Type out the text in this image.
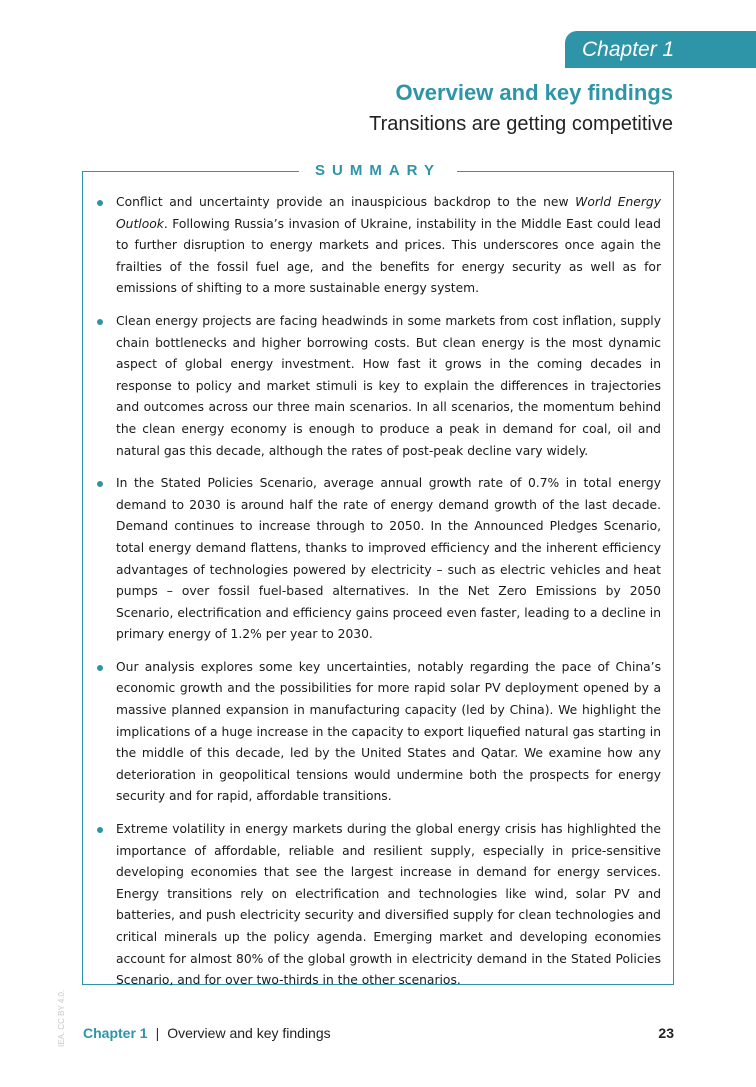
Chapter 1
Overview and key findings
Transitions are getting competitive
SUMMARY
Conflict and uncertainty provide an inauspicious backdrop to the new World Energy Outlook. Following Russia’s invasion of Ukraine, instability in the Middle East could lead to further disruption to energy markets and prices. This underscores once again the frailties of the fossil fuel age, and the benefits for energy security as well as for emissions of shifting to a more sustainable energy system.
Clean energy projects are facing headwinds in some markets from cost inflation, supply chain bottlenecks and higher borrowing costs. But clean energy is the most dynamic aspect of global energy investment. How fast it grows in the coming decades in response to policy and market stimuli is key to explain the differences in trajectories and outcomes across our three main scenarios. In all scenarios, the momentum behind the clean energy economy is enough to produce a peak in demand for coal, oil and natural gas this decade, although the rates of post-peak decline vary widely.
In the Stated Policies Scenario, average annual growth rate of 0.7% in total energy demand to 2030 is around half the rate of energy demand growth of the last decade. Demand continues to increase through to 2050. In the Announced Pledges Scenario, total energy demand flattens, thanks to improved efficiency and the inherent efficiency advantages of technologies powered by electricity – such as electric vehicles and heat pumps – over fossil fuel-based alternatives. In the Net Zero Emissions by 2050 Scenario, electrification and efficiency gains proceed even faster, leading to a decline in primary energy of 1.2% per year to 2030.
Our analysis explores some key uncertainties, notably regarding the pace of China’s economic growth and the possibilities for more rapid solar PV deployment opened by a massive planned expansion in manufacturing capacity (led by China). We highlight the implications of a huge increase in the capacity to export liquefied natural gas starting in the middle of this decade, led by the United States and Qatar. We examine how any deterioration in geopolitical tensions would undermine both the prospects for energy security and for rapid, affordable transitions.
Extreme volatility in energy markets during the global energy crisis has highlighted the importance of affordable, reliable and resilient supply, especially in price-sensitive developing economies that see the largest increase in demand for energy services. Energy transitions rely on electrification and technologies like wind, solar PV and batteries, and push electricity security and diversified supply for clean technologies and critical minerals up the policy agenda. Emerging market and developing economies account for almost 80% of the global growth in electricity demand in the Stated Policies Scenario, and for over two-thirds in the other scenarios.
IEA. CC BY 4.0. Chapter 1 | Overview and key findings	23
